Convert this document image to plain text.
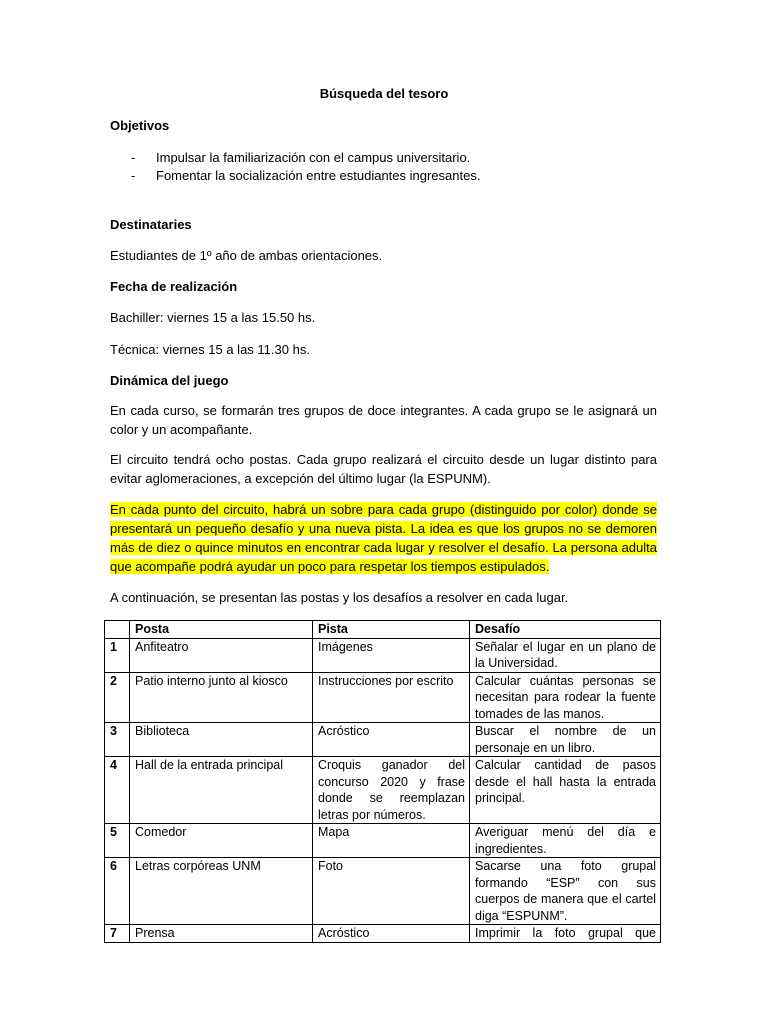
Búsqueda del tesoro
Objetivos
- Impulsar la familiarización con el campus universitario.
- Fomentar la socialización entre estudiantes ingresantes.
Destinataries
Estudiantes de 1º año de ambas orientaciones.
Fecha de realización
Bachiller: viernes 15 a las 15.50 hs.
Técnica: viernes 15 a las 11.30 hs.
Dinámica del juego
En cada curso, se formarán tres grupos de doce integrantes. A cada grupo se le asignará un color y un acompañante.
El circuito tendrá ocho postas. Cada grupo realizará el circuito desde un lugar distinto para evitar aglomeraciones, a excepción del último lugar (la ESPUNM).
En cada punto del circuito, habrá un sobre para cada grupo (distinguido por color) donde se presentará un pequeño desafío y una nueva pista. La idea es que los grupos no se demoren más de diez o quince minutos en encontrar cada lugar y resolver el desafío. La persona adulta que acompañe podrá ayudar un poco para respetar los tiempos estipulados.
A continuación, se presentan las postas y los desafíos a resolver en cada lugar.
	Posta	Pista	Desafío
1	Anfiteatro	Imágenes	Señalar el lugar en un plano de la Universidad.
2	Patio interno junto al kiosco	Instrucciones por escrito	Calcular cuántas personas se necesitan para rodear la fuente tomades de las manos.
3	Biblioteca	Acróstico	Buscar el nombre de un personaje en un libro.
4	Hall de la entrada principal	Croquis ganador del concurso 2020 y frase donde se reemplazan letras por números.	Calcular cantidad de pasos desde el hall hasta la entrada principal.
5	Comedor	Mapa	Averiguar menú del día e ingredientes.
6	Letras corpóreas UNM	Foto	Sacarse una foto grupal formando “ESP” con sus cuerpos de manera que el cartel diga “ESPUNM”.
7	Prensa	Acróstico	Imprimir la foto grupal que
